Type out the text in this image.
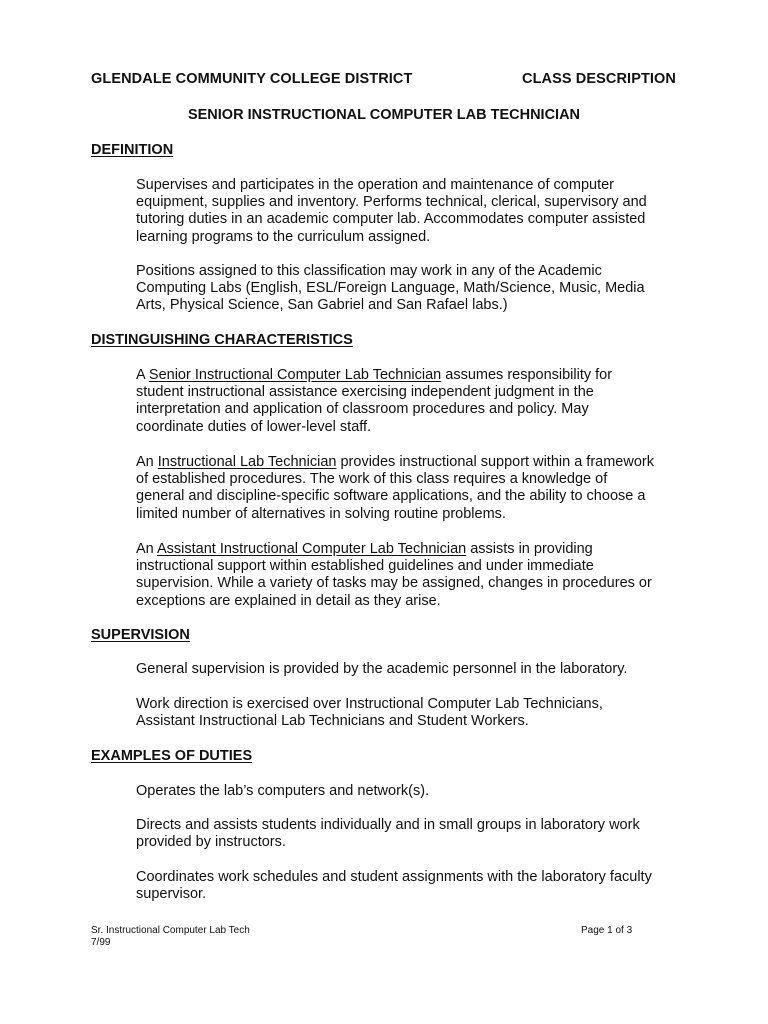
GLENDALE COMMUNITY COLLEGE DISTRICT	CLASS DESCRIPTION
SENIOR INSTRUCTIONAL COMPUTER LAB TECHNICIAN
DEFINITION
Supervises and participates in the operation and maintenance of computer
equipment, supplies and inventory. Performs technical, clerical, supervisory and
tutoring duties in an academic computer lab. Accommodates computer assisted
learning programs to the curriculum assigned.
Positions assigned to this classification may work in any of the Academic
Computing Labs (English, ESL/Foreign Language, Math/Science, Music, Media
Arts, Physical Science, San Gabriel and San Rafael labs.)
DISTINGUISHING CHARACTERISTICS
A Senior Instructional Computer Lab Technician assumes responsibility for
student instructional assistance exercising independent judgment in the
interpretation and application of classroom procedures and policy. May
coordinate duties of lower-level staff.
An Instructional Lab Technician provides instructional support within a framework
of established procedures. The work of this class requires a knowledge of
general and discipline-specific software applications, and the ability to choose a
limited number of alternatives in solving routine problems.
An Assistant Instructional Computer Lab Technician assists in providing
instructional support within established guidelines and under immediate
supervision. While a variety of tasks may be assigned, changes in procedures or
exceptions are explained in detail as they arise.
SUPERVISION
General supervision is provided by the academic personnel in the laboratory.
Work direction is exercised over Instructional Computer Lab Technicians,
Assistant Instructional Lab Technicians and Student Workers.
EXAMPLES OF DUTIES
Operates the lab’s computers and network(s).
Directs and assists students individually and in small groups in laboratory work
provided by instructors.
Coordinates work schedules and student assignments with the laboratory faculty
supervisor.
Sr. Instructional Computer Lab Tech
7/99
Page 1 of 3
